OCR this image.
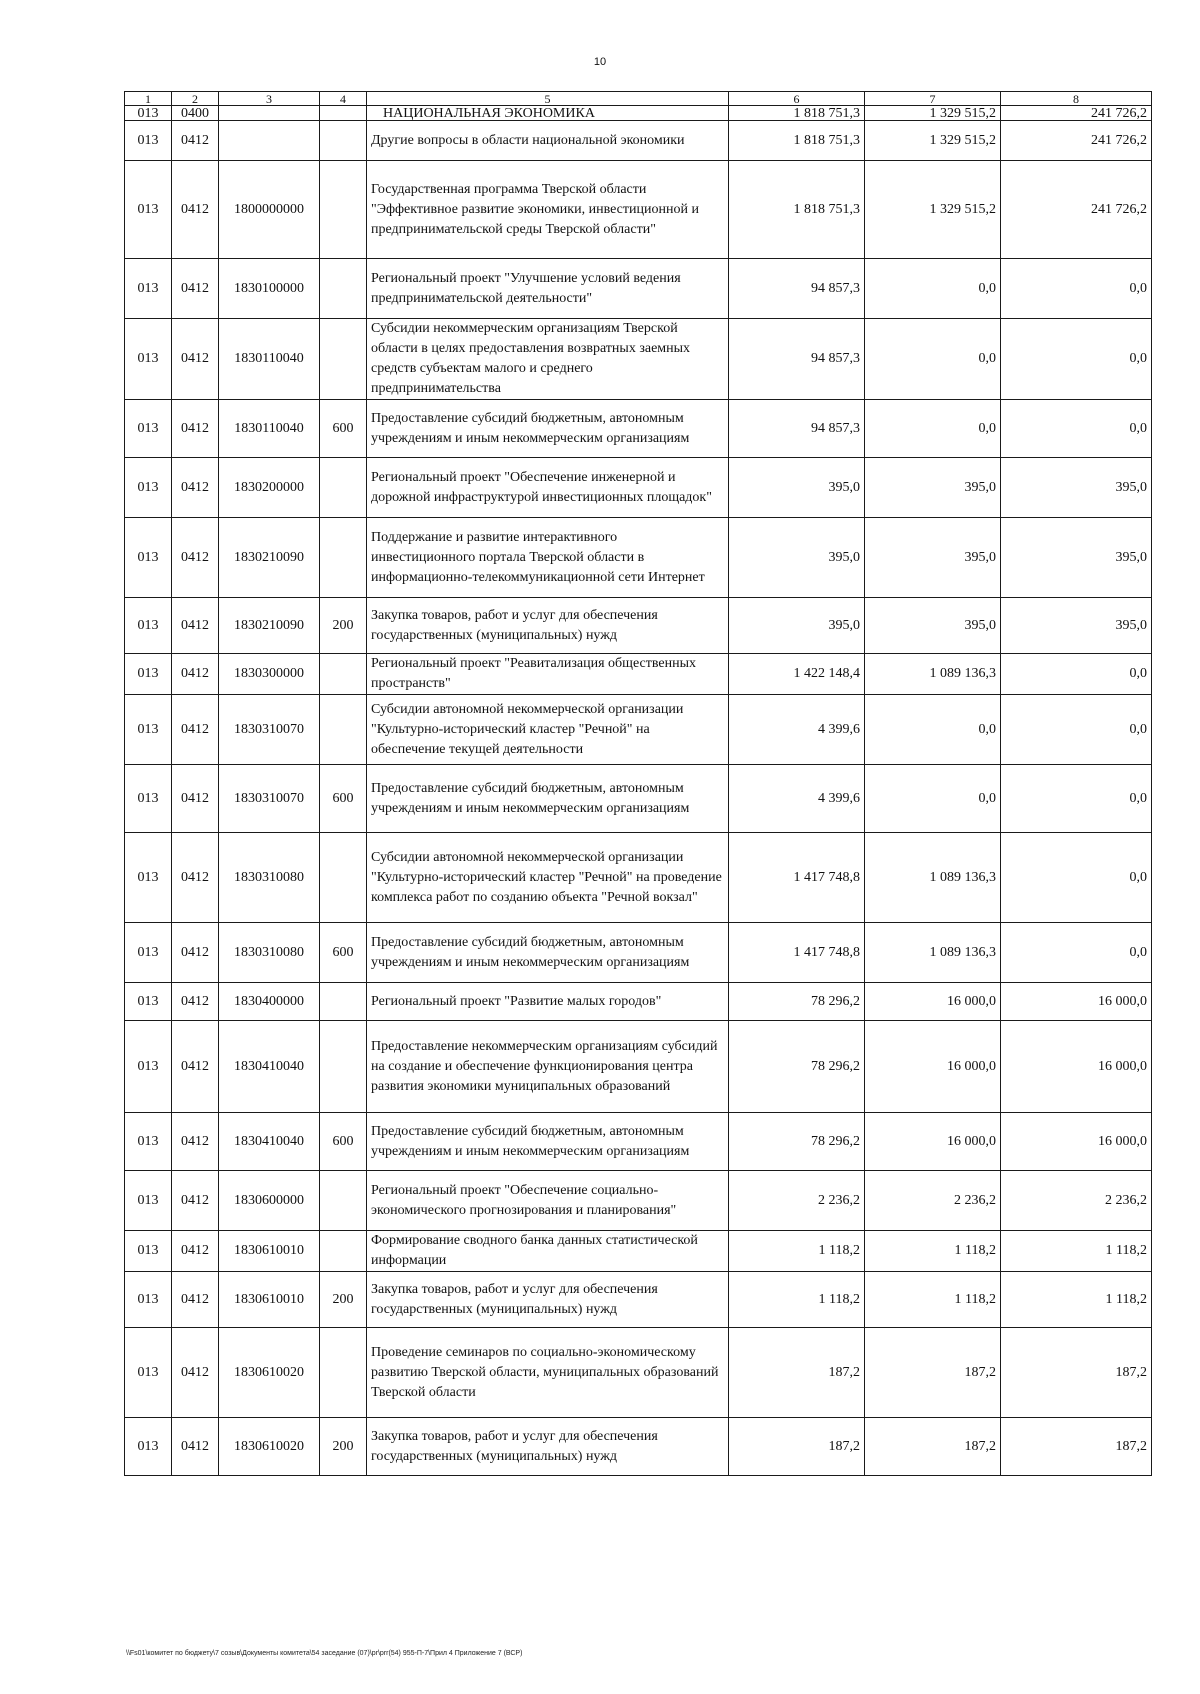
10
1	2	3	4	5	6	7	8
013	0400			НАЦИОНАЛЬНАЯ ЭКОНОМИКА	1 818 751,3	1 329 515,2	241 726,2
013	0412			Другие вопросы в области национальной экономики	1 818 751,3	1 329 515,2	241 726,2
013	0412	1800000000		Государственная программа Тверской области "Эффективное развитие экономики, инвестиционной и предпринимательской среды Тверской области"	1 818 751,3	1 329 515,2	241 726,2
013	0412	1830100000		Региональный проект "Улучшение условий ведения предпринимательской деятельности"	94 857,3	0,0	0,0
013	0412	1830110040		Субсидии некоммерческим организациям Тверской области в целях предоставления возвратных заемных средств субъектам малого и среднего предпринимательства	94 857,3	0,0	0,0
013	0412	1830110040	600	Предоставление субсидий бюджетным, автономным учреждениям и иным некоммерческим организациям	94 857,3	0,0	0,0
013	0412	1830200000		Региональный проект "Обеспечение инженерной и дорожной инфраструктурой инвестиционных площадок"	395,0	395,0	395,0
013	0412	1830210090		Поддержание и развитие интерактивного инвестиционного портала Тверской области в информационно-телекоммуникационной сети Интернет	395,0	395,0	395,0
013	0412	1830210090	200	Закупка товаров, работ и услуг для обеспечения государственных (муниципальных) нужд	395,0	395,0	395,0
013	0412	1830300000		Региональный проект "Реавитализация общественных пространств"	1 422 148,4	1 089 136,3	0,0
013	0412	1830310070		Субсидии автономной некоммерческой организации "Культурно-исторический кластер "Речной" на обеспечение текущей деятельности	4 399,6	0,0	0,0
013	0412	1830310070	600	Предоставление субсидий бюджетным, автономным учреждениям и иным некоммерческим организациям	4 399,6	0,0	0,0
013	0412	1830310080		Субсидии автономной некоммерческой организации "Культурно-исторический кластер "Речной" на проведение комплекса работ по созданию объекта "Речной вокзал"	1 417 748,8	1 089 136,3	0,0
013	0412	1830310080	600	Предоставление субсидий бюджетным, автономным учреждениям и иным некоммерческим организациям	1 417 748,8	1 089 136,3	0,0
013	0412	1830400000		Региональный проект "Развитие малых городов"	78 296,2	16 000,0	16 000,0
013	0412	1830410040		Предоставление некоммерческим организациям субсидий на создание и обеспечение функционирования центра развития экономики муниципальных образований	78 296,2	16 000,0	16 000,0
013	0412	1830410040	600	Предоставление субсидий бюджетным, автономным учреждениям и иным некоммерческим организациям	78 296,2	16 000,0	16 000,0
013	0412	1830600000		Региональный проект "Обеспечение социально-экономического прогнозирования и планирования"	2 236,2	2 236,2	2 236,2
013	0412	1830610010		Формирование сводного банка данных статистической информации	1 118,2	1 118,2	1 118,2
013	0412	1830610010	200	Закупка товаров, работ и услуг для обеспечения государственных (муниципальных) нужд	1 118,2	1 118,2	1 118,2
013	0412	1830610020		Проведение семинаров по социально-экономическому развитию Тверской области, муниципальных образований Тверской области	187,2	187,2	187,2
013	0412	1830610020	200	Закупка товаров, работ и услуг для обеспечения государственных (муниципальных) нужд	187,2	187,2	187,2
\\Fs01\комитет по бюджету\7 созыв\Документы комитета\54 заседание (07)\pr\prr(54) 955-П-7\Прил 4 Приложение 7 (ВСР)
